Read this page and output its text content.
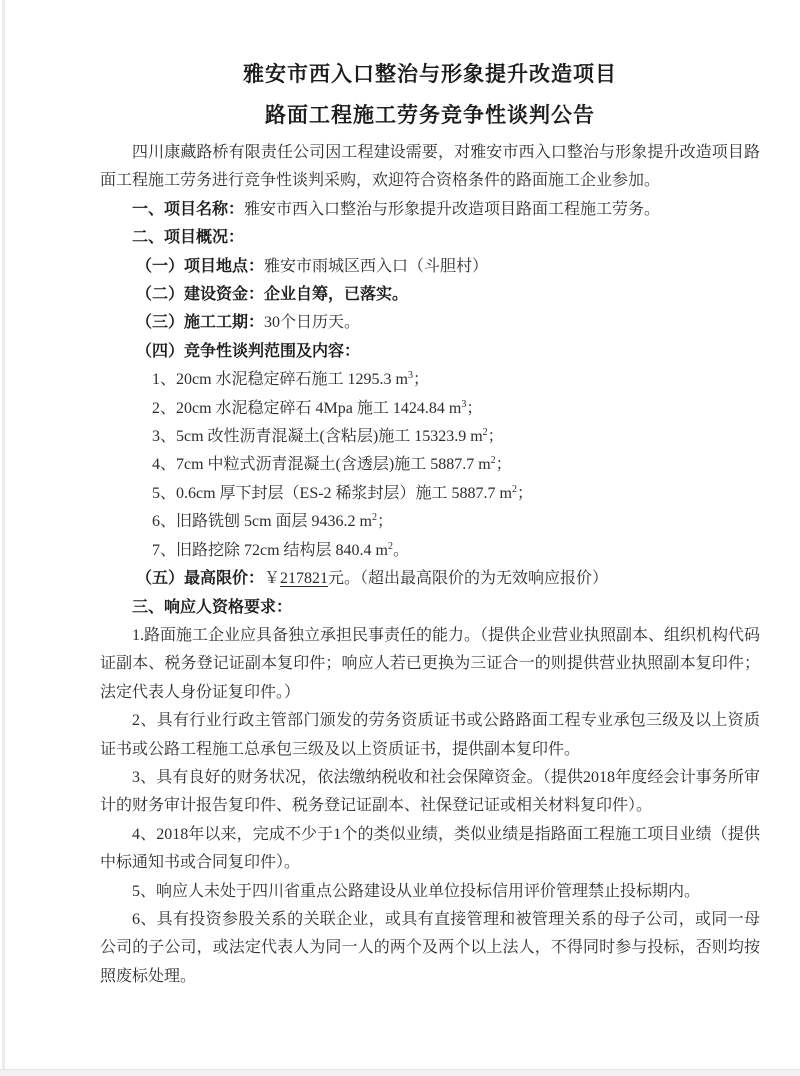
雅安市西入口整治与形象提升改造项目
路面工程施工劳务竞争性谈判公告

四川康藏路桥有限责任公司因工程建设需要，对雅安市西入口整治与形象提升改造项目路面工程施工劳务进行竞争性谈判采购，欢迎符合资格条件的路面施工企业参加。

一、项目名称：雅安市西入口整治与形象提升改造项目路面工程施工劳务。
二、项目概况：
（一）项目地点：雅安市雨城区西入口（斗胆村）
（二）建设资金：企业自筹，已落实。
（三）施工工期：30个日历天。
（四）竞争性谈判范围及内容：
1、20cm 水泥稳定碎石施工 1295.3 m3；
2、20cm 水泥稳定碎石 4Mpa 施工 1424.84 m3；
3、5cm 改性沥青混凝土(含粘层)施工 15323.9 m2；
4、7cm 中粒式沥青混凝土(含透层)施工 5887.7 m2；
5、0.6cm 厚下封层（ES-2 稀浆封层）施工 5887.7 m2；
6、旧路铣刨 5cm 面层 9436.2 m2；
7、旧路挖除 72cm 结构层 840.4 m2。
（五）最高限价：￥217821元。（超出最高限价的为无效响应报价）
三、响应人资格要求：

1.路面施工企业应具备独立承担民事责任的能力。（提供企业营业执照副本、组织机构代码证副本、税务登记证副本复印件；响应人若已更换为三证合一的则提供营业执照副本复印件；法定代表人身份证复印件。）

2、具有行业行政主管部门颁发的劳务资质证书或公路路面工程专业承包三级及以上资质证书或公路工程施工总承包三级及以上资质证书，提供副本复印件。

3、具有良好的财务状况，依法缴纳税收和社会保障资金。（提供2018年度经会计事务所审计的财务审计报告复印件、税务登记证副本、社保登记证或相关材料复印件）。

4、2018年以来，完成不少于1个的类似业绩，类似业绩是指路面工程施工项目业绩（提供中标通知书或合同复印件）。

5、响应人未处于四川省重点公路建设从业单位投标信用评价管理禁止投标期内。

6、具有投资参股关系的关联企业，或具有直接管理和被管理关系的母子公司，或同一母公司的子公司，或法定代表人为同一人的两个及两个以上法人，不得同时参与投标，否则均按照废标处理。
